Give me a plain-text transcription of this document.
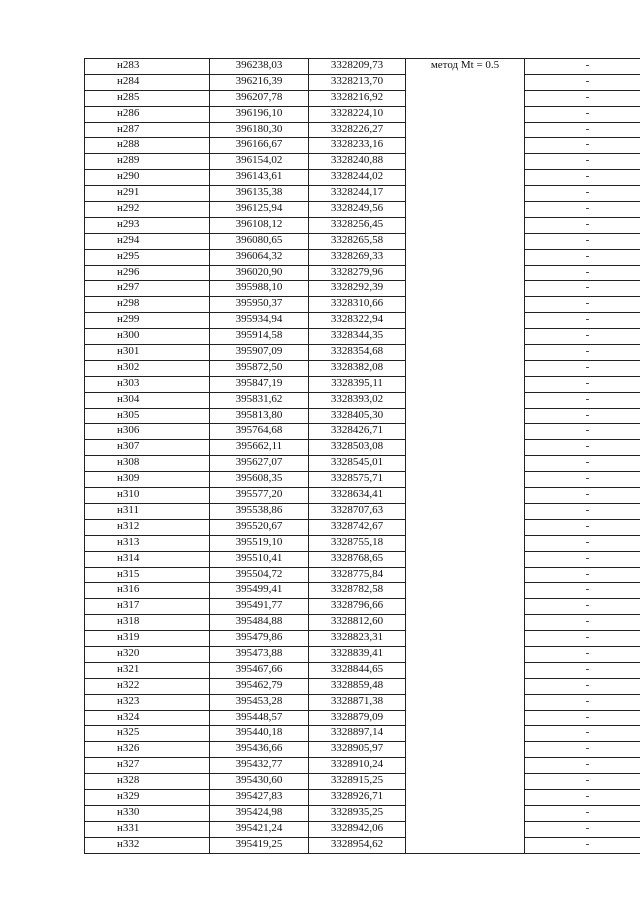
н283	396238,03	3328209,73	метод Mt = 0.5	-
н284	396216,39	3328213,70		-
н285	396207,78	3328216,92		-
н286	396196,10	3328224,10		-
н287	396180,30	3328226,27		-
н288	396166,67	3328233,16		-
н289	396154,02	3328240,88		-
н290	396143,61	3328244,02		-
н291	396135,38	3328244,17		-
н292	396125,94	3328249,56		-
н293	396108,12	3328256,45		-
н294	396080,65	3328265,58		-
н295	396064,32	3328269,33		-
н296	396020,90	3328279,96		-
н297	395988,10	3328292,39		-
н298	395950,37	3328310,66		-
н299	395934,94	3328322,94		-
н300	395914,58	3328344,35		-
н301	395907,09	3328354,68		-
н302	395872,50	3328382,08		-
н303	395847,19	3328395,11		-
н304	395831,62	3328393,02		-
н305	395813,80	3328405,30		-
н306	395764,68	3328426,71		-
н307	395662,11	3328503,08		-
н308	395627,07	3328545,01		-
н309	395608,35	3328575,71		-
н310	395577,20	3328634,41		-
н311	395538,86	3328707,63		-
н312	395520,67	3328742,67		-
н313	395519,10	3328755,18		-
н314	395510,41	3328768,65		-
н315	395504,72	3328775,84		-
н316	395499,41	3328782,58		-
н317	395491,77	3328796,66		-
н318	395484,88	3328812,60		-
н319	395479,86	3328823,31		-
н320	395473,88	3328839,41		-
н321	395467,66	3328844,65		-
н322	395462,79	3328859,48		-
н323	395453,28	3328871,38		-
н324	395448,57	3328879,09		-
н325	395440,18	3328897,14		-
н326	395436,66	3328905,97		-
н327	395432,77	3328910,24		-
н328	395430,60	3328915,25		-
н329	395427,83	3328926,71		-
н330	395424,98	3328935,25		-
н331	395421,24	3328942,06		-
н332	395419,25	3328954,62		-
